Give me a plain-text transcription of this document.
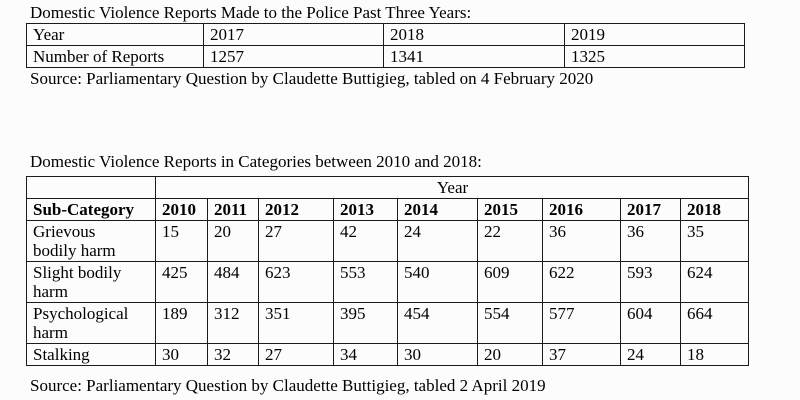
Domestic Violence Reports Made to the Police Past Three Years:
Year	2017	2018	2019
Number of Reports	1257	1341	1325
Source: Parliamentary Question by Claudette Buttigieg, tabled on 4 February 2020
Domestic Violence Reports in Categories between 2010 and 2018:
	Year								
Sub-Category	2010	2011	2012	2013	2014	2015	2016	2017	2018

Grievous
bodily harm	15	20	27	42	24	22	36	36	35

Slight bodily
harm	425	484	623	553	540	609	622	593	624

Psychological
harm	189	312	351	395	454	554	577	604	664

Stalking	30	32	27	34	30	20	37	24	18
Source: Parliamentary Question by Claudette Buttigieg, tabled 2 April 2019
